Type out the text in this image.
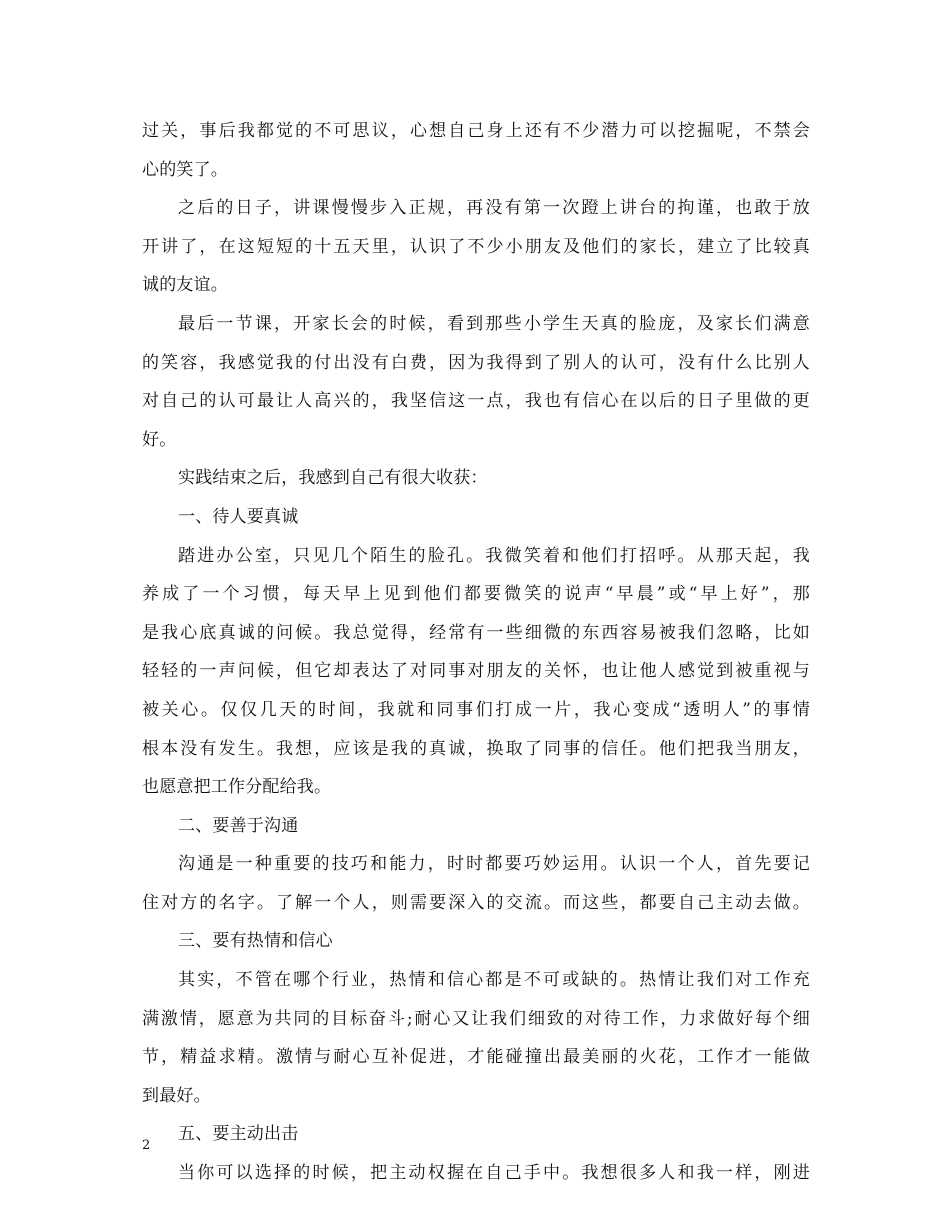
过关，事后我都觉的不可思议，心想自己身上还有不少潜力可以挖掘呢，不禁会
心的笑了。
之后的日子，讲课慢慢步入正规，再没有第一次蹬上讲台的拘谨，也敢于放
开讲了，在这短短的十五天里，认识了不少小朋友及他们的家长，建立了比较真
诚的友谊。
最后一节课，开家长会的时候，看到那些小学生天真的脸庞，及家长们满意
的笑容，我感觉我的付出没有白费，因为我得到了别人的认可，没有什么比别人
对自己的认可最让人高兴的，我坚信这一点，我也有信心在以后的日子里做的更
好。
实践结束之后，我感到自己有很大收获：
一、待人要真诚
踏进办公室，只见几个陌生的脸孔。我微笑着和他们打招呼。从那天起，我
养成了一个习惯，每天早上见到他们都要微笑的说声“早晨”或“早上好”，那
是我心底真诚的问候。我总觉得，经常有一些细微的东西容易被我们忽略，比如
轻轻的一声问候，但它却表达了对同事对朋友的关怀，也让他人感觉到被重视与
被关心。仅仅几天的时间，我就和同事们打成一片，我心变成“透明人”的事情
根本没有发生。我想，应该是我的真诚，换取了同事的信任。他们把我当朋友，
也愿意把工作分配给我。
二、要善于沟通
沟通是一种重要的技巧和能力，时时都要巧妙运用。认识一个人，首先要记
住对方的名字。了解一个人，则需要深入的交流。而这些，都要自己主动去做。
三、要有热情和信心
其实，不管在哪个行业，热情和信心都是不可或缺的。热情让我们对工作充
满激情，愿意为共同的目标奋斗;耐心又让我们细致的对待工作，力求做好每个细
节，精益求精。激情与耐心互补促进，才能碰撞出最美丽的火花，工作才一能做
到最好。
五、要主动出击
当你可以选择的时候，把主动权握在自己手中。我想很多人和我一样，刚进
2
